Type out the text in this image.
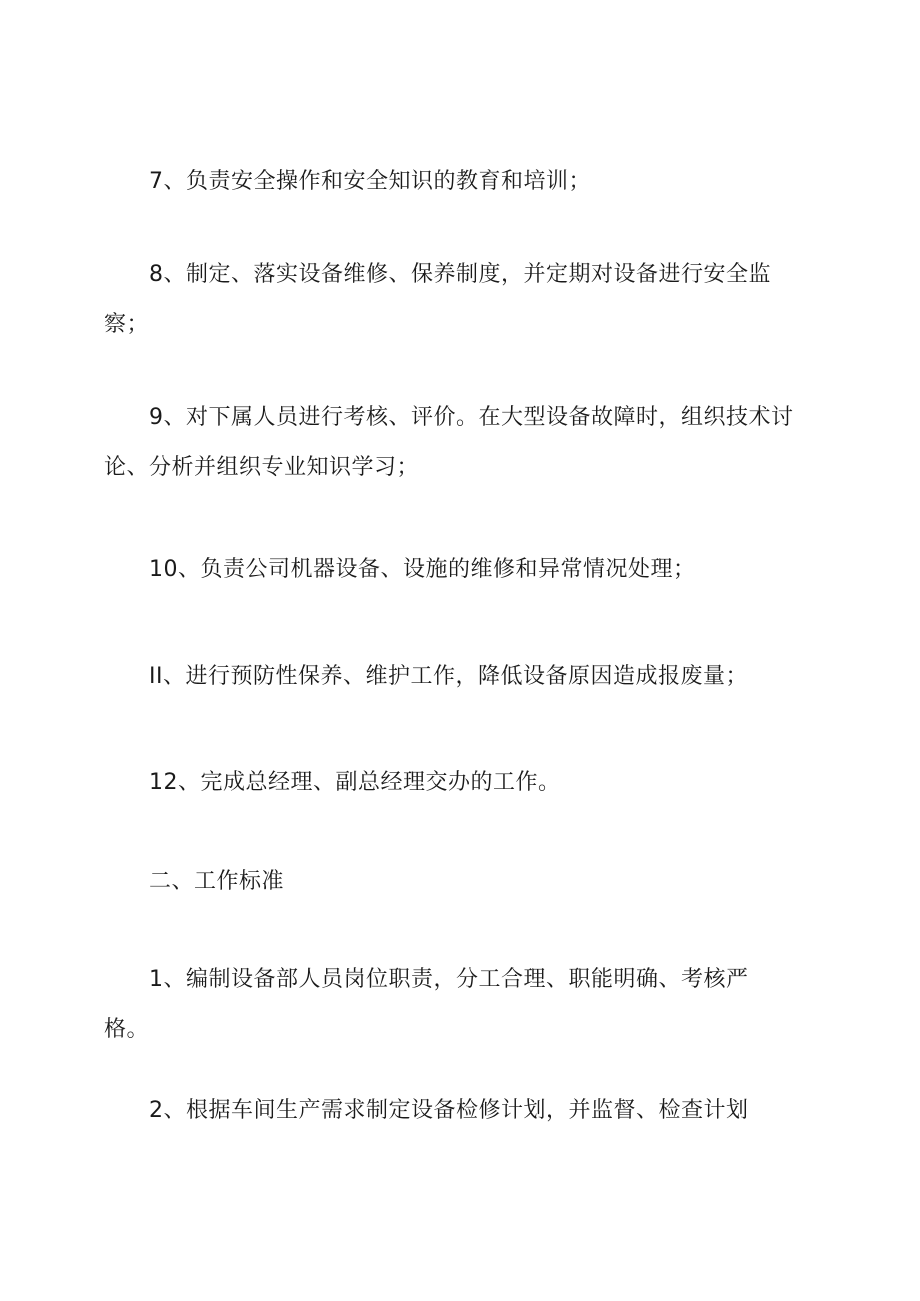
7、负责安全操作和安全知识的教育和培训；

8、制定、落实设备维修、保养制度，并定期对设备进行安全监
察；

9、对下属人员进行考核、评价。在大型设备故障时，组织技术讨
论、分析并组织专业知识学习；

10、负责公司机器设备、设施的维修和异常情况处理；

II、进行预防性保养、维护工作，降低设备原因造成报废量；

12、完成总经理、副总经理交办的工作。

二、工作标准

1、编制设备部人员岗位职责，分工合理、职能明确、考核严
格。

2、根据车间生产需求制定设备检修计划，并监督、检查计划
